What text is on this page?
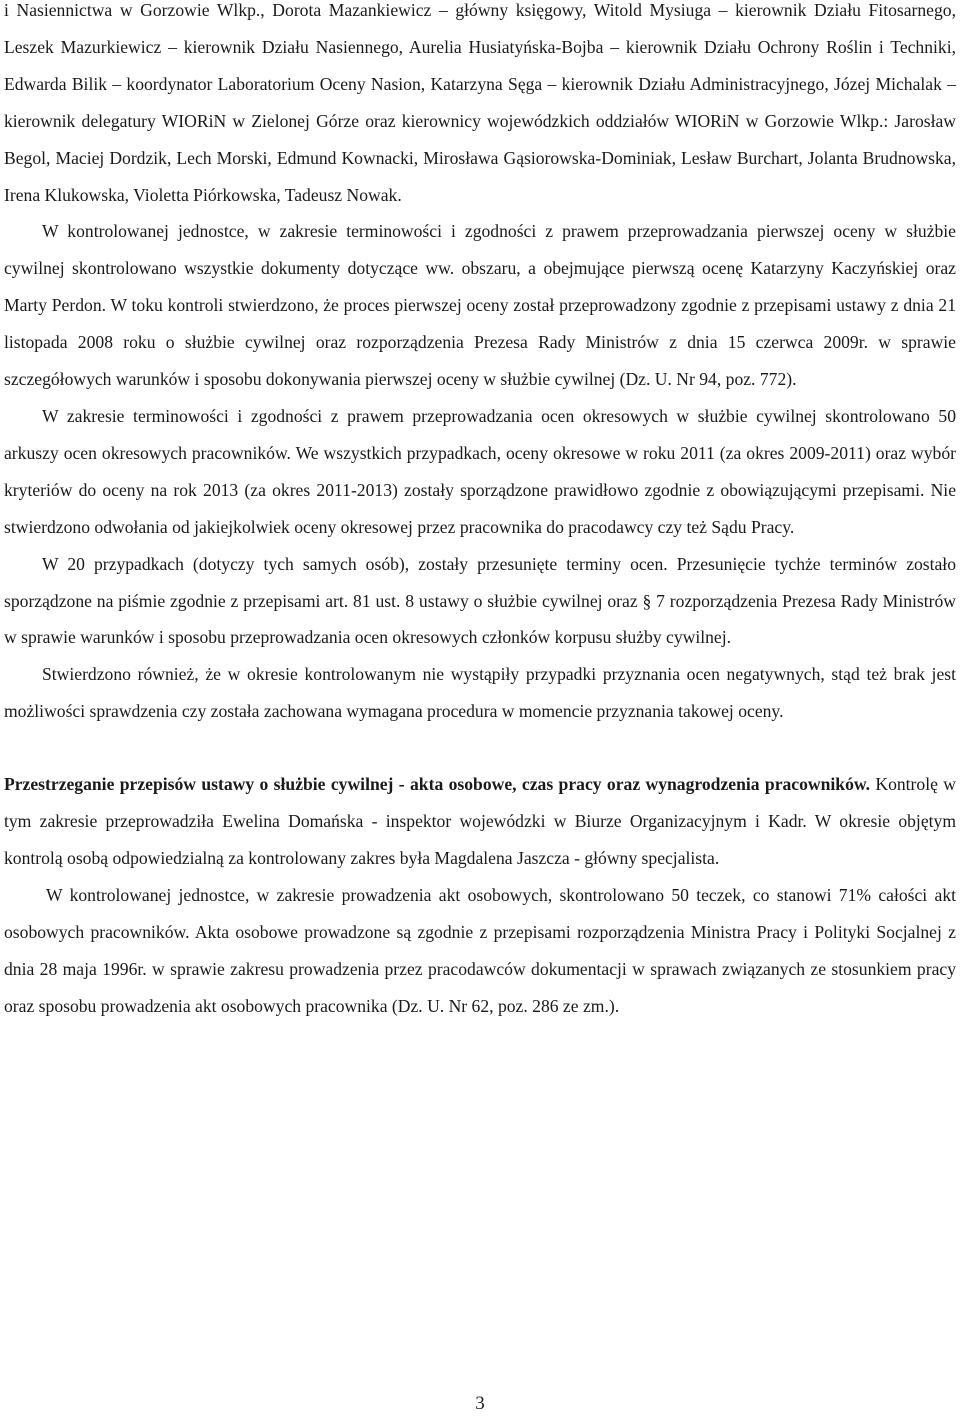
i Nasiennictwa w Gorzowie Wlkp., Dorota Mazankiewicz – główny księgowy, Witold Mysiuga – kierownik Działu Fitosarnego, Leszek Mazurkiewicz – kierownik Działu Nasiennego, Aurelia Husiatyńska-Bojba – kierownik Działu Ochrony Roślin i Techniki, Edwarda Bilik – koordynator Laboratorium Oceny Nasion, Katarzyna Sęga – kierownik Działu Administracyjnego, Józej Michalak – kierownik delegatury WIORiN w Zielonej Górze oraz kierownicy wojewódzkich oddziałów WIORiN w Gorzowie Wlkp.: Jarosław Begol, Maciej Dordzik, Lech Morski, Edmund Kownacki, Mirosława Gąsiorowska-Dominiak, Lesław Burchart, Jolanta Brudnowska, Irena Klukowska, Violetta Piórkowska, Tadeusz Nowak.

W kontrolowanej jednostce, w zakresie terminowości i zgodności z prawem przeprowadzania pierwszej oceny w służbie cywilnej skontrolowano wszystkie dokumenty dotyczące ww. obszaru, a obejmujące pierwszą ocenę Katarzyny Kaczyńskiej oraz Marty Perdon. W toku kontroli stwierdzono, że proces pierwszej oceny został przeprowadzony zgodnie z przepisami ustawy z dnia 21 listopada 2008 roku o służbie cywilnej oraz rozporządzenia Prezesa Rady Ministrów z dnia 15 czerwca 2009r. w sprawie szczegółowych warunków i sposobu dokonywania pierwszej oceny w służbie cywilnej (Dz. U. Nr 94, poz. 772).

W zakresie terminowości i zgodności z prawem przeprowadzania ocen okresowych w służbie cywilnej skontrolowano 50 arkuszy ocen okresowych pracowników. We wszystkich przypadkach, oceny okresowe w roku 2011 (za okres 2009-2011) oraz wybór kryteriów do oceny na rok 2013 (za okres 2011-2013) zostały sporządzone prawidłowo zgodnie z obowiązującymi przepisami. Nie stwierdzono odwołania od jakiejkolwiek oceny okresowej przez pracownika do pracodawcy czy też Sądu Pracy.

W 20 przypadkach (dotyczy tych samych osób), zostały przesunięte terminy ocen. Przesunięcie tychże terminów zostało sporządzone na piśmie zgodnie z przepisami art. 81 ust. 8 ustawy o służbie cywilnej oraz § 7 rozporządzenia Prezesa Rady Ministrów w sprawie warunków i sposobu przeprowadzania ocen okresowych członków korpusu służby cywilnej.

Stwierdzono również, że w okresie kontrolowanym nie wystąpiły przypadki przyznania ocen negatywnych, stąd też brak jest możliwości sprawdzenia czy została zachowana wymagana procedura w momencie przyznania takowej oceny.

Przestrzeganie przepisów ustawy o służbie cywilnej - akta osobowe, czas pracy oraz wynagrodzenia pracowników. Kontrolę w tym zakresie przeprowadziła Ewelina Domańska - inspektor wojewódzki w Biurze Organizacyjnym i Kadr. W okresie objętym kontrolą osobą odpowiedzialną za kontrolowany zakres była Magdalena Jaszcza - główny specjalista.

W kontrolowanej jednostce, w zakresie prowadzenia akt osobowych, skontrolowano 50 teczek, co stanowi 71% całości akt osobowych pracowników. Akta osobowe prowadzone są zgodnie z przepisami rozporządzenia Ministra Pracy i Polityki Socjalnej z dnia 28 maja 1996r. w sprawie zakresu prowadzenia przez pracodawców dokumentacji w sprawach związanych ze stosunkiem pracy oraz sposobu prowadzenia akt osobowych pracownika (Dz. U. Nr 62, poz. 286 ze zm.).

3
